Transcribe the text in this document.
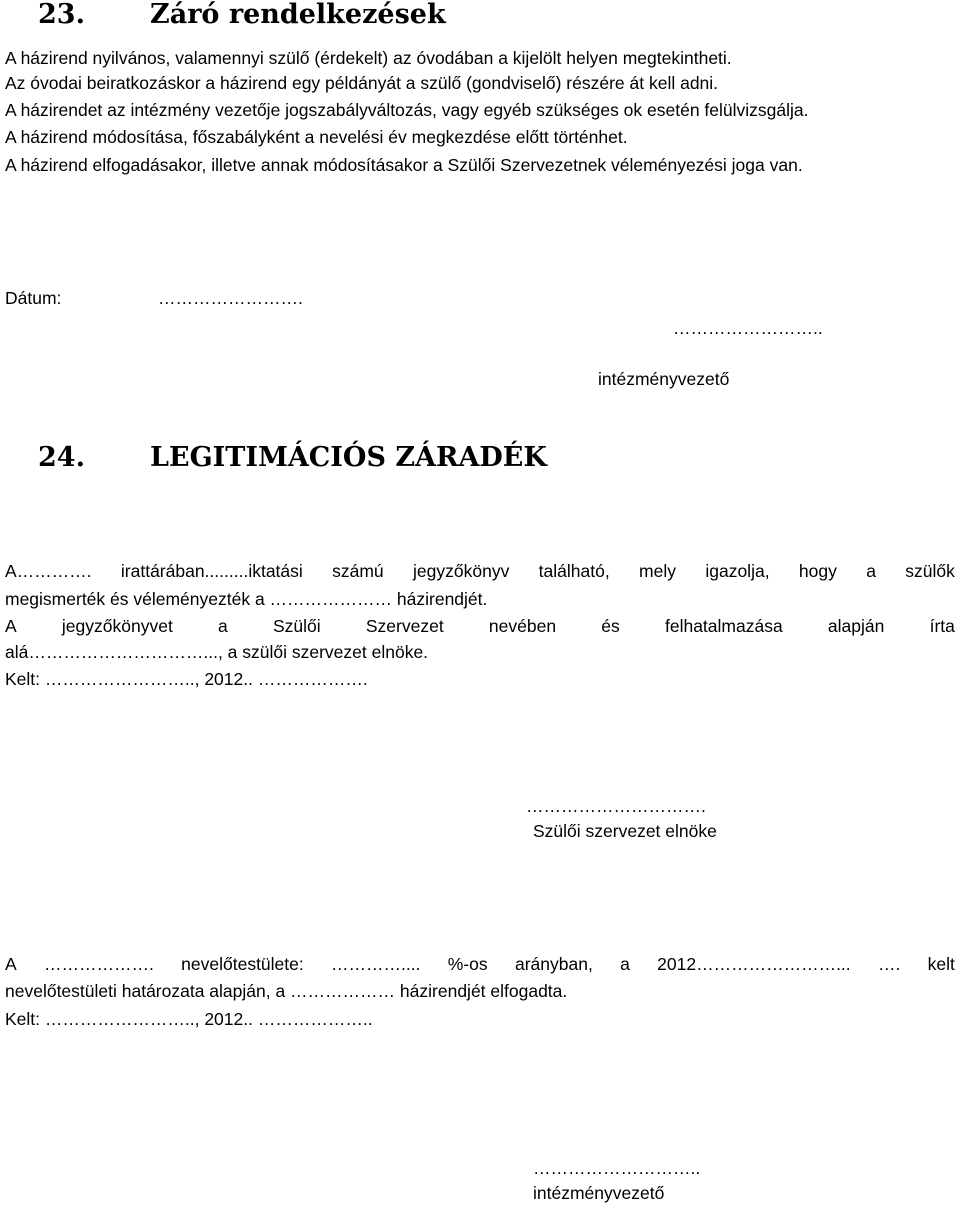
23. Záró rendelkezések

A házirend nyilvános, valamennyi szülő (érdekelt) az óvodában a kijelölt helyen megtekintheti.

Az óvodai beiratkozáskor a házirend egy példányát a szülő (gondviselő) részére át kell adni.

A házirendet az intézmény vezetője jogszabályváltozás, vagy egyéb szükséges ok esetén felülvizsgálja.

A házirend módosítása, főszabályként a nevelési év megkezdése előtt történhet.

A házirend elfogadásakor, illetve annak módosításakor a Szülői Szervezetnek véleményezési joga van.

Dátum:	…………………….
……………………..
intézményvezető
24. LEGITIMÁCIÓS ZÁRADÉK
A…………. irattárában.........iktatási számú jegyzőkönyv található, mely igazolja, hogy a szülők

megismerték és véleményezték a ………………… házirendjét.

A	jegyzőkönyvet	a	Szülői	Szervezet	nevében	és	felhatalmazása	alapján	írta

alá…………………………..., a szülői szervezet elnöke.

Kelt: …………………….., 2012.. ……………….

………………………….
Szülői szervezet elnöke
A ………………. nevelőtestülete: ………….... %-os arányban, a 2012……………………... …. kelt

nevelőtestületi határozata alapján, a ……………… házirendjét elfogadta.

Kelt: …………………….., 2012.. ………………..

………………………..
intézményvezető
